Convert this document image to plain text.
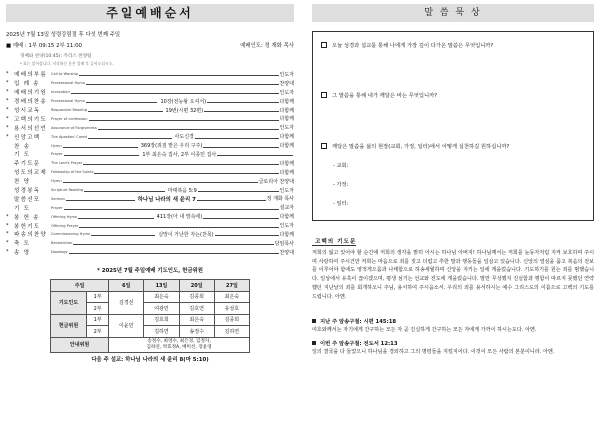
주일예배순서
2025년 7월 13일 성령강림절 후 다섯 번째 주일
■ 예배 : 1부 09:15 2부 11:00	예배인도: 정 재화 목사
경배와 찬양(10:45): 카리스 찬양팀
* 표는 일어섭니다. 지각하신 분은 입례 후 들어오십시오.
* 예배의부름	Call to Worship	인도자
* 입 례 송	Processional Hymn	찬양대
* 예배의기원	Invocation	인도자
* 경배의찬송	Processional Hymn	10장(전능왕 오셔서)	다함께
* 성시교독	Responsive Reading	19번(시편 32편)	다함께
* 고백의기도	Prayer of confession	다함께
* 용서의선언	Assurance of Forgiveness	인도자
* 신앙고백	The Apostles' Creed	사도신경	다함께
찬 송	Hymn	369장(죄짐 맡은 우리 구주)	다함께
기 도	Prayer	1부 최은숙 집사, 2부 이종민 집사
주기도문	The Lord's Prayer	다함께
성도의교제	Fellowship of the Saints	다함께
찬 양	Hymn	글로리아 찬양대
성경봉독	Scripture Reading	마태복음 5:9	인도자
말씀선포	Sermon	하나님 나라의 새 윤리 7	정 재화 목사
기 도	Prayer	설교자
* 봉 헌 송	Offering Hymn	411장(아 내 맘속에)	다함께
* 봉헌기도	Offering Prayer	인도자
* 파송의찬양	Commissioning Hymn	실망이 가난한 자는(찬목)	다함께
* 축 도	Benediction	담임목사
* 송 영	Doxology	찬양대
* 2025년 7월 주일예배 기도인도, 헌금위원
주일		6일	13일	20일	27일
기도인도	1부	김경선	최은숙	김종희	최은숙
	2부		여광민	김호연	유상호
헌금위원	1부	이윤민	김호희	최은숙	김종희
	2부		김하연	송정수	김하연
안내위원		송정수, 최영수, 최은경, 김정자,
김하연, 박효정A, 배미선, 장윤영			
다음 주 설교: 하나님 나라의 새 윤리 8(마 5:10)
말 씀 묵 상
오늘 성경과 설교를 통해 나에게 가장 깊이 다가온 말씀은 무엇입니까?
그 말씀을 통해 내가 깨달은 바는 무엇입니까?
깨달은 말씀을 삶의 현장(교회, 가정, 일터)에서 어떻게 실천하길 원하십니까?
- 교회:
- 가정:
- 일터:
고백의 기도문
저희의 잃고 있어야 할 순간에 저희의 생각을 밝히 아시는 하나님 아버지! 하나님께서는 저희를 눈동자처럼 지켜 보호하며 주시며 사랑하여 주시건만 저희는 마음으로 죄를 짓고 더럽고 추한 말과 행동들을 일삼고 있습니다. 신앙의 열심을 품고 복음의 전보를 이루어야 함에도 영적게으름과 나태함으로 허송세월하며 신앙을 지키는 일에 게을렀습니다. 기도하기를 원는 죄를 범했습니다. 일상에서 유혹이 끊이겠으며, 평생 섬기는 선교와 전도에 게을렀습니다. 말만 무성했지 진실함과 행함이 따르지 못했던 연약했던 지난날의 죄를 회개하오니 주님, 용서하여 주시옵소서. 우리의 죄를 용서하시는 예수 그리스도의 이름으로 고백의 기도를 드립니다. 아멘.
지난 주 암송구절: 시편 145:18
여호와께서는 자기에게 간구하는 모든 자 곧 진실하게 간구하는 모든 자에게 가까이 하시는도다. 아멘.
이번 주 암송구절: 전도서 12:13
일의 결국을 다 들었으니 하나님을 경외하고 그의 명령들을 지킬지어다. 이것이 모든 사람의 본분이니라. 아멘.
